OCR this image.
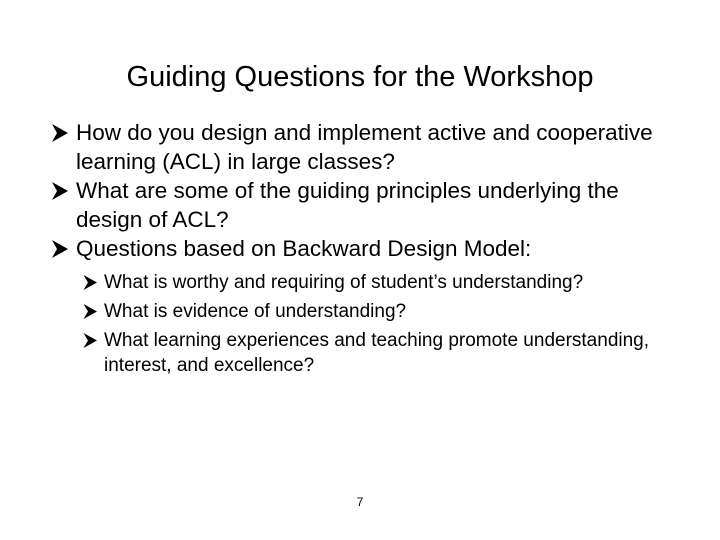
Guiding Questions for the Workshop
How do you design and implement active and cooperative learning (ACL) in large classes?
What are some of the guiding principles underlying the design of ACL?
Questions based on Backward Design Model:
What is worthy and requiring of student’s understanding?
What is evidence of understanding?
What learning experiences and teaching promote understanding, interest, and excellence?
7
